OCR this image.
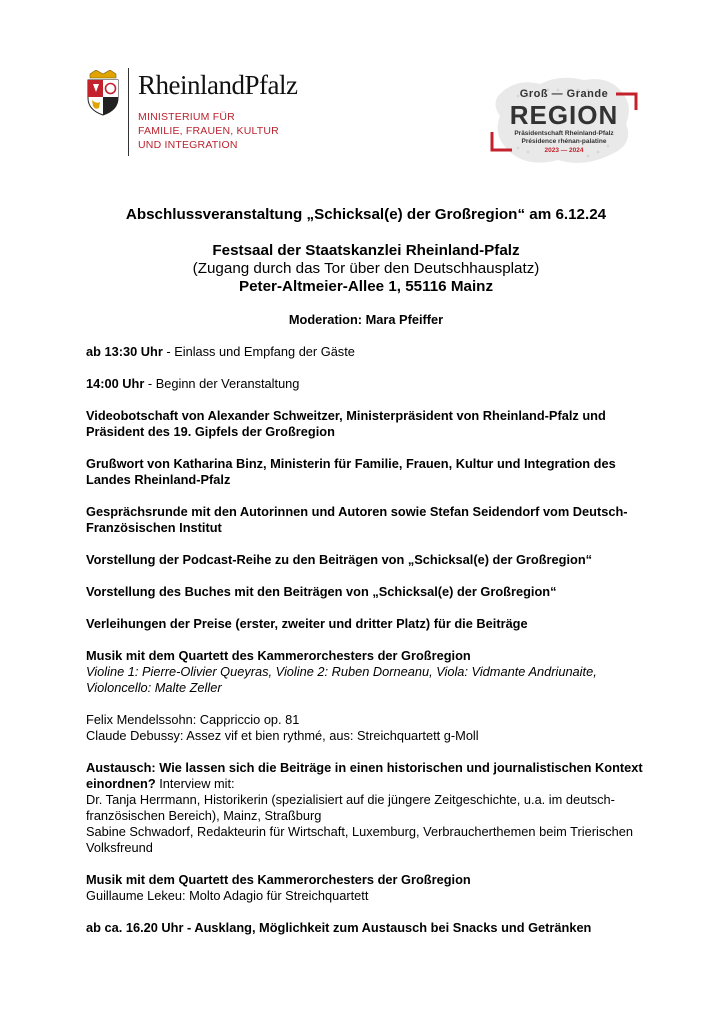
RheinlandPfalz
MINISTERIUM FÜR
FAMILIE, FRAUEN, KULTUR
UND INTEGRATION
Groß — Grande
REGION
Präsidentschaft Rheinland-Pfalz
Présidence rhénan-palatine
2023 — 2024
Abschlussveranstaltung „Schicksal(e) der Großregion“ am 6.12.24
Festsaal der Staatskanzlei Rheinland-Pfalz
(Zugang durch das Tor über den Deutschhausplatz)
Peter-Altmeier-Allee 1, 55116 Mainz
Moderation: Mara Pfeiffer
ab 13:30 Uhr - Einlass und Empfang der Gäste
14:00 Uhr - Beginn der Veranstaltung
Videobotschaft von Alexander Schweitzer, Ministerpräsident von Rheinland-Pfalz und Präsident des 19. Gipfels der Großregion
Grußwort von Katharina Binz, Ministerin für Familie, Frauen, Kultur und Integration des Landes Rheinland-Pfalz
Gesprächsrunde mit den Autorinnen und Autoren sowie Stefan Seidendorf vom Deutsch-Französischen Institut
Vorstellung der Podcast-Reihe zu den Beiträgen von „Schicksal(e) der Großregion“
Vorstellung des Buches mit den Beiträgen von „Schicksal(e) der Großregion“
Verleihungen der Preise (erster, zweiter und dritter Platz) für die Beiträge
Musik mit dem Quartett des Kammerorchesters der Großregion
Violine 1: Pierre-Olivier Queyras, Violine 2: Ruben Dorneanu, Viola: Vidmante Andriunaite, Violoncello: Malte Zeller
Felix Mendelssohn: Cappriccio op. 81
Claude Debussy: Assez vif et bien rythmé, aus: Streichquartett g-Moll
Austausch: Wie lassen sich die Beiträge in einen historischen und journalistischen Kontext einordnen? Interview mit:
Dr. Tanja Herrmann, Historikerin (spezialisiert auf die jüngere Zeitgeschichte, u.a. im deutsch-französischen Bereich), Mainz, Straßburg
Sabine Schwadorf, Redakteurin für Wirtschaft, Luxemburg, Verbraucherthemen beim Trierischen Volksfreund
Musik mit dem Quartett des Kammerorchesters der Großregion
Guillaume Lekeu: Molto Adagio für Streichquartett
ab ca. 16.20 Uhr - Ausklang, Möglichkeit zum Austausch bei Snacks und Getränken
